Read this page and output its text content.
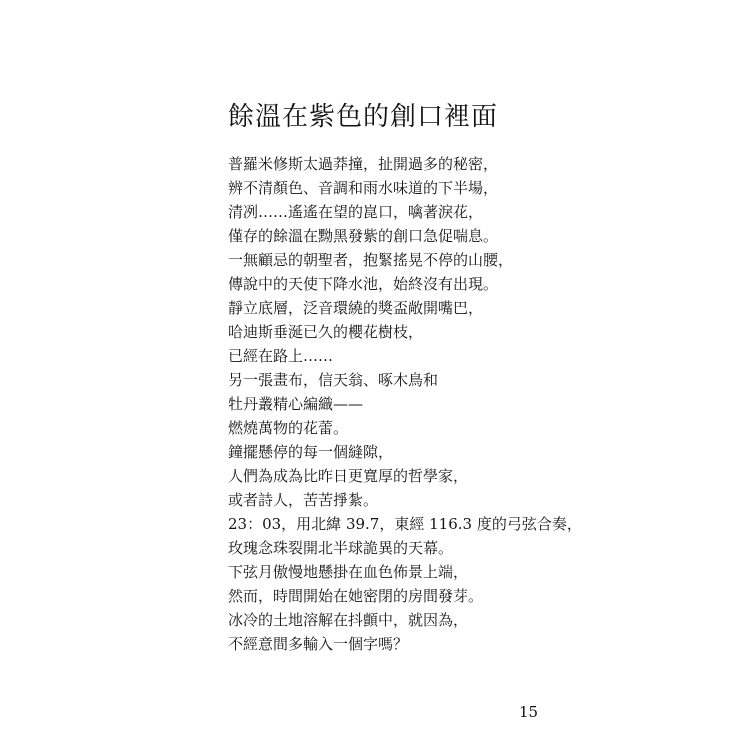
餘溫在紫色的創口裡面
普羅米修斯太過莽撞，扯開過多的秘密，
辨不清顏色、音調和雨水味道的下半場，
清冽……遙遙在望的崑口，噙著淚花，
僅存的餘溫在黝黑發紫的創口急促喘息。
一無顧忌的朝聖者，抱緊搖晃不停的山腰，
傳說中的天使下降水池，始終沒有出現。
靜立底層，泛音環繞的獎盃敞開嘴巴，
哈迪斯垂涎已久的櫻花樹枝，
已經在路上……
另一張畫布，信天翁、啄木鳥和
牡丹叢精心編織——
燃燒萬物的花蕾。
鐘擺懸停的每一個縫隙，
人們為成為比昨日更寬厚的哲學家，
或者詩人，苦苦掙紮。
23：03，用北緯 39.7，東經 116.3 度的弓弦合奏，
玫瑰念珠裂開北半球詭異的天幕。
下弦月傲慢地懸掛在血色佈景上端，
然而，時間開始在她密閉的房間發芽。
冰冷的土地溶解在抖顫中，就因為，
不經意間多輸入一個字嗎？
15
